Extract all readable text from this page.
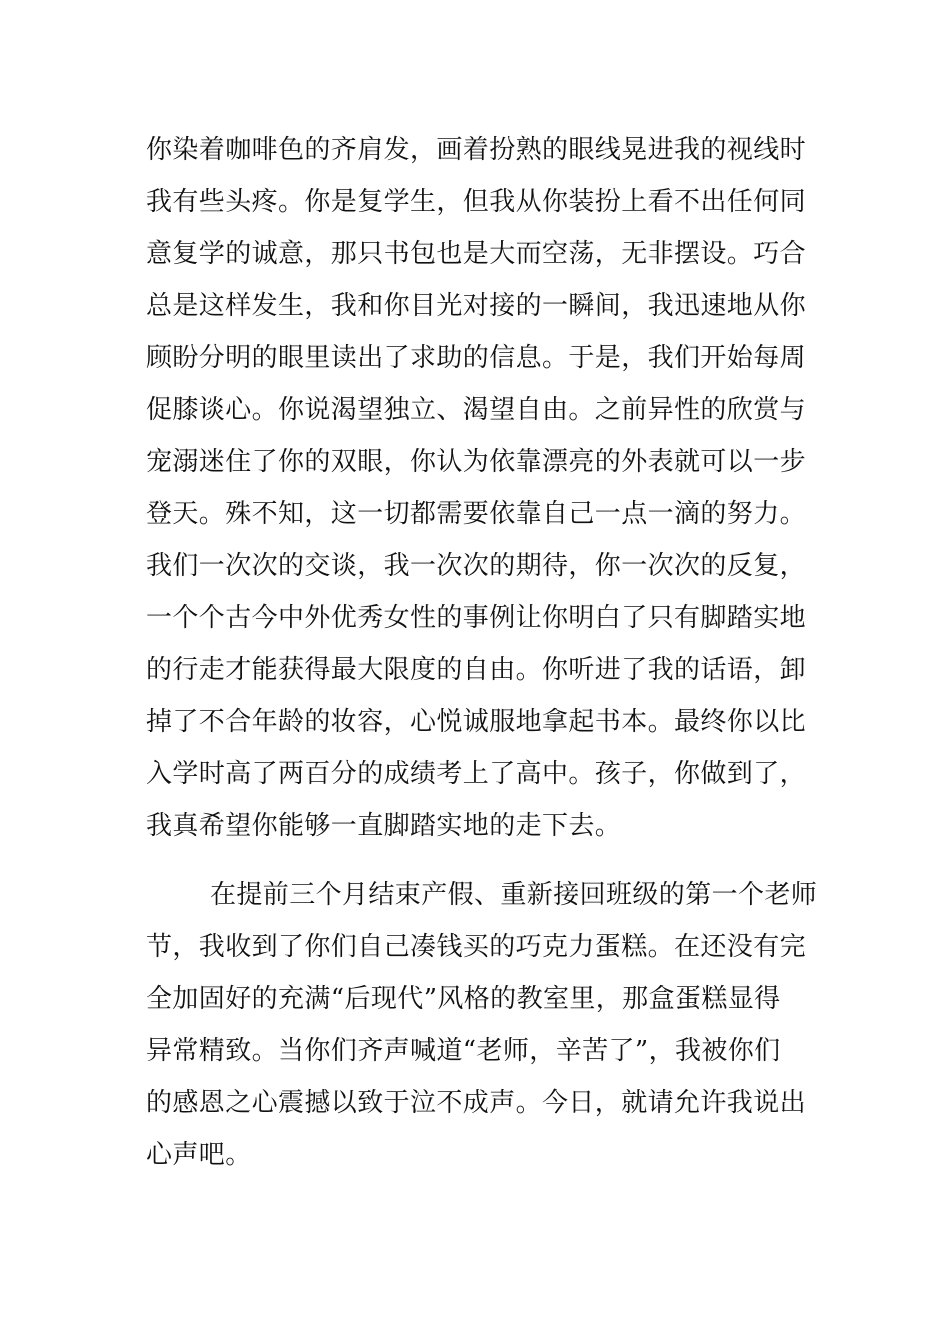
你染着咖啡色的齐肩发，画着扮熟的眼线晃进我的视线时
我有些头疼。你是复学生，但我从你装扮上看不出任何同
意复学的诚意，那只书包也是大而空荡，无非摆设。巧合
总是这样发生，我和你目光对接的一瞬间，我迅速地从你
顾盼分明的眼里读出了求助的信息。于是，我们开始每周
促膝谈心。你说渴望独立、渴望自由。之前异性的欣赏与
宠溺迷住了你的双眼，你认为依靠漂亮的外表就可以一步
登天。殊不知，这一切都需要依靠自己一点一滴的努力。
我们一次次的交谈，我一次次的期待，你一次次的反复，
一个个古今中外优秀女性的事例让你明白了只有脚踏实地
的行走才能获得最大限度的自由。你听进了我的话语，卸
掉了不合年龄的妆容，心悦诚服地拿起书本。最终你以比
入学时高了两百分的成绩考上了高中。孩子，你做到了，
我真希望你能够一直脚踏实地的走下去。
在提前三个月结束产假、重新接回班级的第一个老师
节，我收到了你们自己凑钱买的巧克力蛋糕。在还没有完
全加固好的充满“后现代”风格的教室里，那盒蛋糕显得
异常精致。当你们齐声喊道“老师，辛苦了”，我被你们
的感恩之心震撼以致于泣不成声。今日，就请允许我说出
心声吧。
